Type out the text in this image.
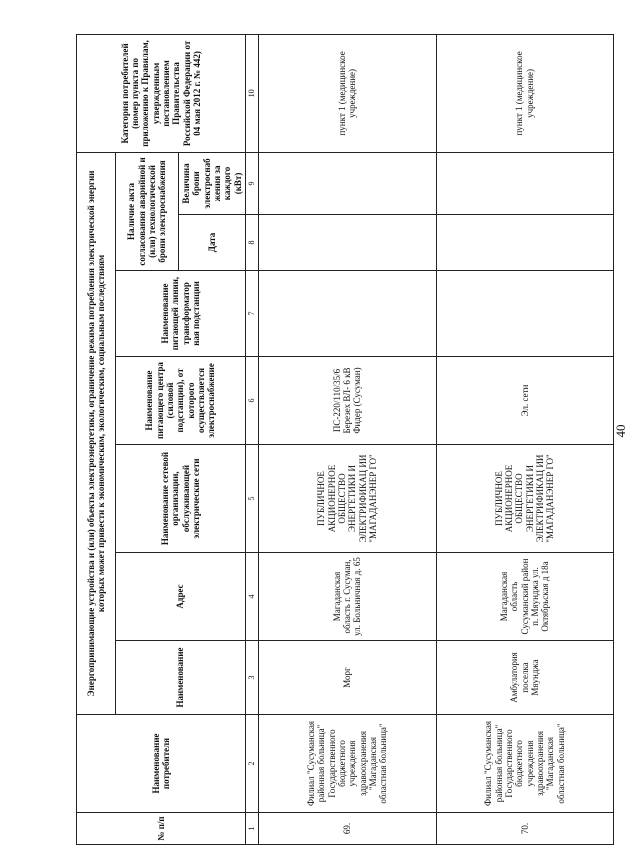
40
№ п/п	Наименование потребителя	Энергопринимающие устройства и (или) объекты электроэнергетики, ограничение режима потребления электрической энергии которых может привести к экономическим, экологическим, социальным последствиям							Категория потребителей (номер пункта по приложению к Правилам, утвержденным постановлением Правительства Российской Федерации от 04 мая 2012 г. № 442)
		Наименование	Адрес	Наименование сетевой организации, обслуживающей электрические сети	Наименование питающего центра (силовой подстанции), от которого осуществляется электроснабжение	Наименование питающей линии, трансформатор ная подстанции	Наличие акта согласования аварийной и (или) технологической брони электроснабжения		
							Дата	Величина брони электроснабжения за каждого (кВт)	
1	2	3	4	5	6	7	8	9	10
69.	Филиал "Сусуманская районная больница" Государственного бюджетного учреждения здравоохранения "Магаданская областная больница"	Морг	Магаданская область г. Сусуман, ул. Больничная д. 65	ПУБЛИЧНОЕ АКЦИОНЕРНОЕ ОБЩЕСТВО ЭНЕРГЕТИКИ И ЭЛЕКТРИФИКАЦ ИИ "МАГАДАНЭНЕР ГО"	ПС-220/110/35/6 Березех ВЛ- 6 кВ Фидер (Сусуман)				пункт 1 (медицинское учреждение)
70.	Филиал "Сусуманская районная больница" Государственного бюджетного учреждения здравоохранения "Магаданская областная больница"	Амбулатория поселка Мяунджа	Магаданская область Сусуманский район п. Мяунджа ул. Октябрьская д 18а	ПУБЛИЧНОЕ АКЦИОНЕРНОЕ ОБЩЕСТВО ЭНЕРГЕТИКИ И ЭЛЕКТРИФИКАЦ ИИ "МАГАДАНЭНЕР ГО"	Эл. сети				пункт 1 (медицинское учреждение)
